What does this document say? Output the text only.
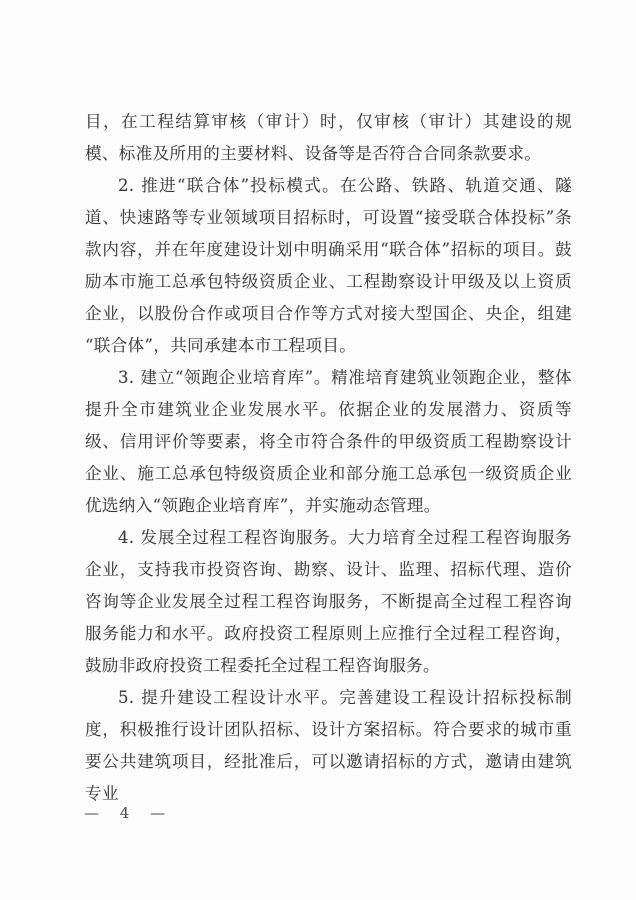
目，在工程结算审核（审计）时，仅审核（审计）其建设的规模、标准及所用的主要材料、设备等是否符合合同条款要求。

2. 推进“联合体”投标模式。在公路、铁路、轨道交通、隧道、快速路等专业领域项目招标时，可设置“接受联合体投标”条款内容，并在年度建设计划中明确采用“联合体”招标的项目。鼓励本市施工总承包特级资质企业、工程勘察设计甲级及以上资质企业，以股份合作或项目合作等方式对接大型国企、央企，组建“联合体”，共同承建本市工程项目。

3. 建立“领跑企业培育库”。精准培育建筑业领跑企业，整体提升全市建筑业企业发展水平。依据企业的发展潜力、资质等级、信用评价等要素，将全市符合条件的甲级资质工程勘察设计企业、施工总承包特级资质企业和部分施工总承包一级资质企业优选纳入“领跑企业培育库”，并实施动态管理。

4. 发展全过程工程咨询服务。大力培育全过程工程咨询服务企业，支持我市投资咨询、勘察、设计、监理、招标代理、造价咨询等企业发展全过程工程咨询服务，不断提高全过程工程咨询服务能力和水平。政府投资工程原则上应推行全过程工程咨询，鼓励非政府投资工程委托全过程工程咨询服务。

5. 提升建设工程设计水平。完善建设工程设计招标投标制度，积极推行设计团队招标、设计方案招标。符合要求的城市重要公共建筑项目，经批准后，可以邀请招标的方式，邀请由建筑专业

— 4 —
